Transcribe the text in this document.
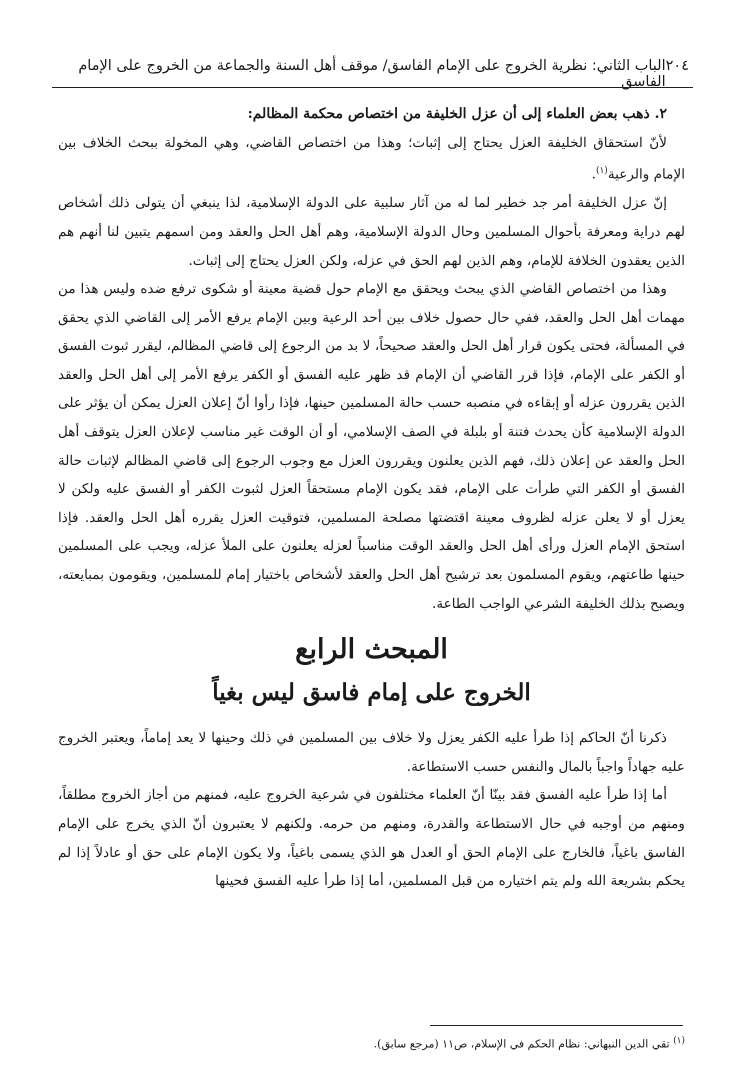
٢٠٤
الباب الثاني: نظرية الخروج على الإمام الفاسق/ موقف أهل السنة والجماعة من الخروج على الإمام الفاسق

٢. ذهب بعض العلماء إلى أن عزل الخليفة من اختصاص محكمة المظالم:

لأنّ استحقاق الخليفة العزل يحتاج إلى إثبات؛ وهذا من اختصاص القاضي، وهي المخولة ببحث الخلاف بين الإمام والرعية$^{(١)}$.

إنّ عزل الخليفة أمر جد خطير لما له من آثار سلبية على الدولة الإسلامية، لذا ينبغي أن يتولى ذلك أشخاص لهم دراية ومعرفة بأحوال المسلمين وحال الدولة الإسلامية، وهم أهل الحل والعقد ومن اسمهم يتبين لنا أنهم هم الذين يعقدون الخلافة للإمام، وهم الذين لهم الحق في عزله، ولكن العزل يحتاج إلى إثبات.

وهذا من اختصاص القاضي الذي يبحث ويحقق مع الإمام حول قضية معينة أو شكوى ترفع ضده وليس هذا من مهمات أهل الحل والعقد، ففي حال حصول خلاف بين أحد الرعية وبين الإمام يرفع الأمر إلى القاضي الذي يحقق في المسألة، فحتى يكون قرار أهل الحل والعقد صحيحاً، لا بد من الرجوع إلى قاضي المظالم، ليقرر ثبوت الفسق أو الكفر على الإمام، فإذا قرر القاضي أن الإمام قد ظهر عليه الفسق أو الكفر يرفع الأمر إلى أهل الحل والعقد الذين يقررون عزله أو إبقاءه في منصبه حسب حالة المسلمين حينها، فإذا رأوا أنّ إعلان العزل يمكن أن يؤثر على الدولة الإسلامية كأن يحدث فتنة أو بلبلة في الصف الإسلامي، أو أن الوقت غير مناسب لإعلان العزل يتوقف أهل الحل والعقد عن إعلان ذلك، فهم الذين يعلنون ويقررون العزل مع وجوب الرجوع إلى قاضي المظالم لإثبات حالة الفسق أو الكفر التي طرأت على الإمام، فقد يكون الإمام مستحقاً العزل لثبوت الكفر أو الفسق عليه ولكن لا يعزل أو لا يعلن عزله لظروف معينة اقتضتها مصلحة المسلمين، فتوقيت العزل يقرره أهل الحل والعقد. فإذا استحق الإمام العزل ورأى أهل الحل والعقد الوقت مناسباً لعزله يعلنون على الملأ عزله، ويجب على المسلمين حينها طاعتهم، ويقوم المسلمون بعد ترشيح أهل الحل والعقد لأشخاص باختيار إمام للمسلمين، ويقومون بمبايعته، ويصبح بذلك الخليفة الشرعي الواجب الطاعة.

المبحث الرابع

الخروج على إمام فاسق ليس بغياً

ذكرنا أنّ الحاكم إذا طرأ عليه الكفر يعزل ولا خلاف بين المسلمين في ذلك وحينها لا يعد إماماً، ويعتبر الخروج عليه جهاداً واجباً بالمال والنفس حسب الاستطاعة.

أما إذا طرأ عليه الفسق فقد بينّا أنّ العلماء مختلفون في شرعية الخروج عليه، فمنهم من أجاز الخروج مطلقاً، ومنهم من أوجبه في حال الاستطاعة والقدرة، ومنهم من حرمه. ولكنهم لا يعتبرون أنّ الذي يخرج على الإمام الفاسق باغياً، فالخارج على الإمام الحق أو العدل هو الذي يسمى باغياً، ولا يكون الإمام على حق أو عادلاً إذا لم يحكم بشريعة الله ولم يتم اختياره من قبل المسلمين، أما إذا طرأ عليه الفسق فحينها

$^{(١)}$ تقي الدين النبهاني: نظام الحكم في الإسلام، ص١١ (مرجع سابق).
